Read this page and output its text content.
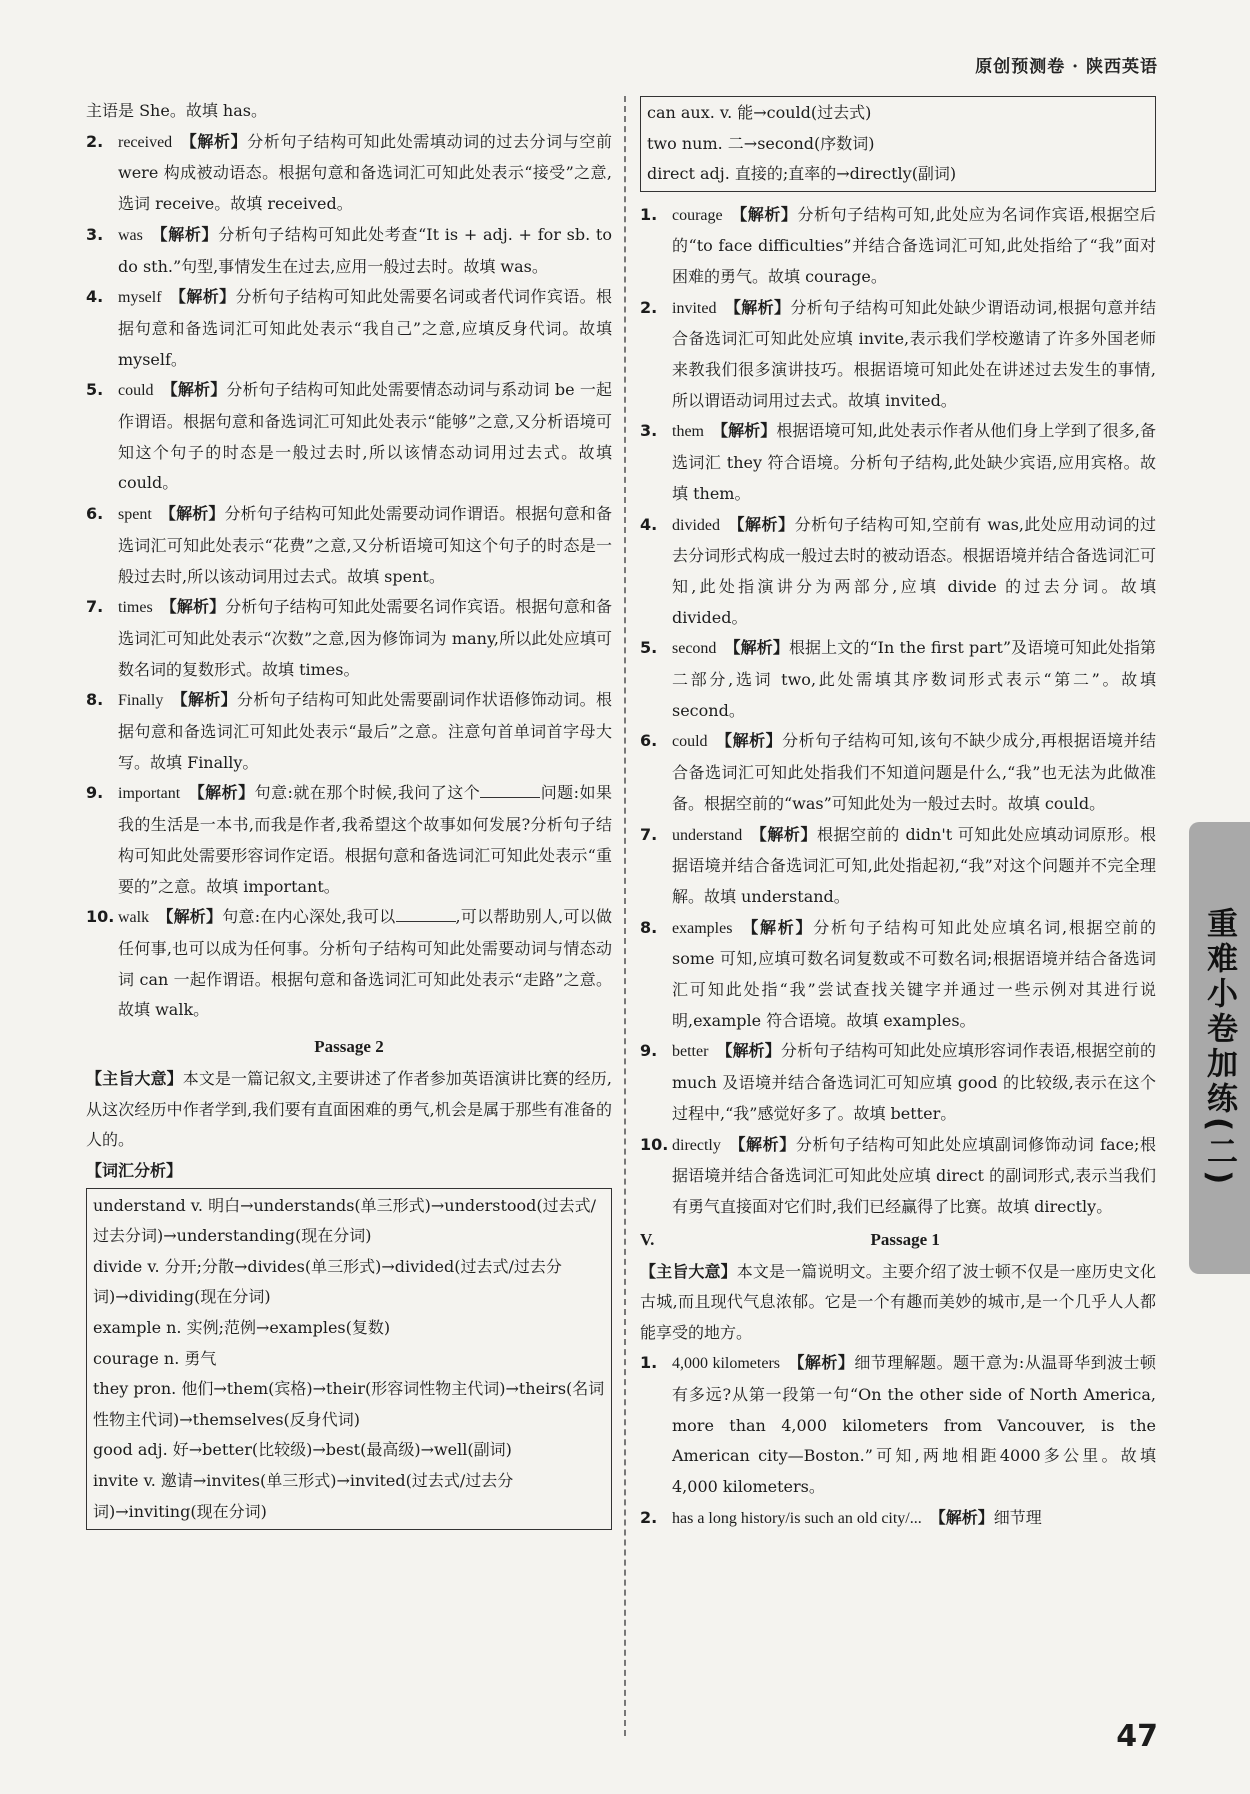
原创预测卷 · 陕西英语

主语是 She。故填 has。

2. received 【解析】分析句子结构可知此处需填动词的过去分词与空前 were 构成被动语态。根据句意和备选词汇可知此处表示“接受”之意,选词 receive。故填 received。
3. was 【解析】分析句子结构可知此处考查“It is + adj. + for sb. to do sth.”句型,事情发生在过去,应用一般过去时。故填 was。
4. myself 【解析】分析句子结构可知此处需要名词或者代词作宾语。根据句意和备选词汇可知此处表示“我自己”之意,应填反身代词。故填 myself。
5. could 【解析】分析句子结构可知此处需要情态动词与系动词 be 一起作谓语。根据句意和备选词汇可知此处表示“能够”之意,又分析语境可知这个句子的时态是一般过去时,所以该情态动词用过去式。故填 could。
6. spent 【解析】分析句子结构可知此处需要动词作谓语。根据句意和备选词汇可知此处表示“花费”之意,又分析语境可知这个句子的时态是一般过去时,所以该动词用过去式。故填 spent。
7. times 【解析】分析句子结构可知此处需要名词作宾语。根据句意和备选词汇可知此处表示“次数”之意,因为修饰词为 many,所以此处应填可数名词的复数形式。故填 times。
8. Finally 【解析】分析句子结构可知此处需要副词作状语修饰动词。根据句意和备选词汇可知此处表示“最后”之意。注意句首单词首字母大写。故填 Finally。
9. important 【解析】句意:就在那个时候,我问了这个	问题:如果我的生活是一本书,而我是作者,我希望这个故事如何发展?分析句子结构可知此处需要形容词作定语。根据句意和备选词汇可知此处表示“重要的”之意。故填 important。
10. walk 【解析】句意:在内心深处,我可以	,可以帮助别人,可以做任何事,也可以成为任何事。分析句子结构可知此处需要动词与情态动词 can 一起作谓语。根据句意和备选词汇可知此处表示“走路”之意。故填 walk。
Passage 2

【主旨大意】本文是一篇记叙文,主要讲述了作者参加英语演讲比赛的经历,从这次经历中作者学到,我们要有直面困难的勇气,机会是属于那些有准备的人的。

【词汇分析】
understand v. 明白→understands(单三形式)→understood(过去式/过去分词)→understanding(现在分词)
divide v. 分开;分散→divides(单三形式)→divided(过去式/过去分词)→dividing(现在分词)
example n. 实例;范例→examples(复数)
courage n. 勇气
they pron. 他们→them(宾格)→their(形容词性物主代词)→theirs(名词性物主代词)→themselves(反身代词)
good adj. 好→better(比较级)→best(最高级)→well(副词)
invite v. 邀请→invites(单三形式)→invited(过去式/过去分词)→inviting(现在分词)
can aux. v. 能→could(过去式)
two num. 二→second(序数词)
direct adj. 直接的;直率的→directly(副词)
1. courage 【解析】分析句子结构可知,此处应为名词作宾语,根据空后的“to face difficulties”并结合备选词汇可知,此处指给了“我”面对困难的勇气。故填 courage。
2. invited 【解析】分析句子结构可知此处缺少谓语动词,根据句意并结合备选词汇可知此处应填 invite,表示我们学校邀请了许多外国老师来教我们很多演讲技巧。根据语境可知此处在讲述过去发生的事情,所以谓语动词用过去式。故填 invited。
3. them 【解析】根据语境可知,此处表示作者从他们身上学到了很多,备选词汇 they 符合语境。分析句子结构,此处缺少宾语,应用宾格。故填 them。
4. divided 【解析】分析句子结构可知,空前有 was,此处应用动词的过去分词形式构成一般过去时的被动语态。根据语境并结合备选词汇可知,此处指演讲分为两部分,应填 divide 的过去分词。故填 divided。
5. second 【解析】根据上文的“In the first part”及语境可知此处指第二部分,选词 two,此处需填其序数词形式表示“第二”。故填 second。
6. could 【解析】分析句子结构可知,该句不缺少成分,再根据语境并结合备选词汇可知此处指我们不知道问题是什么,“我”也无法为此做准备。根据空前的“was”可知此处为一般过去时。故填 could。
7. understand 【解析】根据空前的 didn't 可知此处应填动词原形。根据语境并结合备选词汇可知,此处指起初,“我”对这个问题并不完全理解。故填 understand。
8. examples 【解析】分析句子结构可知此处应填名词,根据空前的 some 可知,应填可数名词复数或不可数名词;根据语境并结合备选词汇可知此处指“我”尝试查找关键字并通过一些示例对其进行说明,example 符合语境。故填 examples。
9. better 【解析】分析句子结构可知此处应填形容词作表语,根据空前的 much 及语境并结合备选词汇可知应填 good 的比较级,表示在这个过程中,“我”感觉好多了。故填 better。
10. directly 【解析】分析句子结构可知此处应填副词修饰动词 face;根据语境并结合备选词汇可知此处应填 direct 的副词形式,表示当我们有勇气直接面对它们时,我们已经赢得了比赛。故填 directly。
V.	Passage 1

【主旨大意】本文是一篇说明文。主要介绍了波士顿不仅是一座历史文化古城,而且现代气息浓郁。它是一个有趣而美妙的城市,是一个几乎人人都能享受的地方。

1. 4,000 kilometers 【解析】细节理解题。题干意为:从温哥华到波士顿有多远?从第一段第一句“On the other side of North America, more than 4,000 kilometers from Vancouver, is the American city—Boston.”可知,两地相距4000多公里。故填 4,000 kilometers。
2. has a long history/is such an old city/... 【解析】细节理
重难小卷加练(二)
47
